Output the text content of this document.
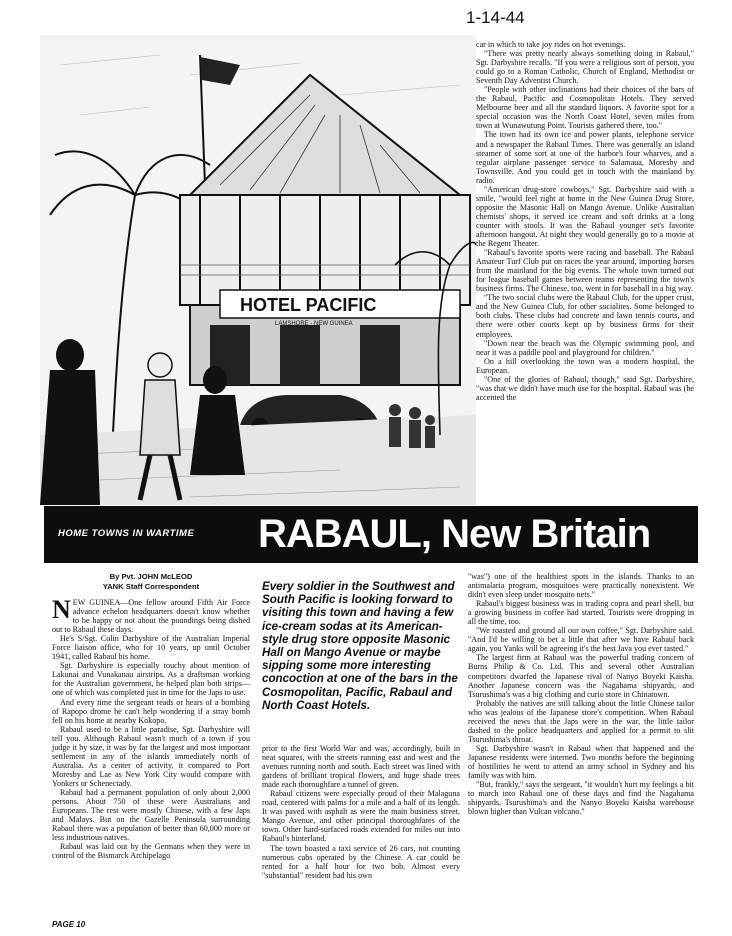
1-14-44
HOTEL PACIFIC
LAMSHORE - NEW GUINEA

car in which to take joy rides on hot evenings.

"There was pretty nearly always something doing in Rabaul," Sgt. Darbyshire recalls. "If you were a religious sort of person, you could go to a Roman Catholic, Church of England, Methodist or Seventh Day Adventist Church.

"People with other inclinations had their choices of the bars of the Rabaul, Pacific and Cosmopolitan Hotels. They served Melbourne beer and all the standard liquors. A favorite spot for a special occasion was the North Coast Hotel, seven miles from town at Wunawutung Point. Tourists gathered there, too."

The town had its own ice and power plants, telephone service and a newspaper the Rabaul Times. There was generally an island steamer of some sort at one of the harbor's four wharves, and a regular airplane passenger service to Salamaua, Moresby and Townsville. And you could get in touch with the mainland by radio.

"American drug-store cowboys," Sgt. Darbyshire said with a smile, "would feel right at home in the New Guinea Drug Store, opposite the Masonic Hall on Mango Avenue. Unlike Australian chemists' shops, it served ice cream and soft drinks at a long counter with stools. It was the Rabaul younger set's favorite afternoon hangout. At night they would generally go to a movie at the Regent Theater.

"Rabaul's favorite sports were racing and baseball. The Rabaul Amateur Turf Club put on races the year around, importing horses from the mainland for the big events. The whole town turned out for league baseball games between teams representing the town's business firms. The Chinese, too, went in for baseball in a big way.

"The two social clubs were the Rabaul Club, for the upper crust, and the New Guinea Club, for other socialites. Some belonged to both clubs. These clubs had concrete and lawn tennis courts, and there were other courts kept up by business firms for their employees.

"Down near the beach was the Olympic swimming pool, and near it was a paddle pool and playground for children."

On a hill overlooking the town was a modern hospital, the European.

"One of the glories of Rabaul, though," said Sgt. Darbyshire, "was that we didn't have much use for the hospital. Rabaul was (he accented the

HOME TOWNS IN WARTIME RABAUL, New Britain
By Pvt. JOHN McLEOD
YANK Staff Correspondent

NEW GUINEA—One fellow around Fifth Air Force advance echelon headquarters doesn't know whether to be happy or not about the poundings being dished out to Rabaul these days.

He's S/Sgt. Colin Darbyshire of the Australian Imperial Force liaison office, who for 10 years, up until October 1941, called Rabaul his home.

Sgt. Darbyshire is especially touchy about mention of Lakunai and Vunakanau airstrips. As a draftsman working for the Australian government, he helped plan both strips—one of which was completed just in time for the Japs to use.

And every time the sergeant reads or hears of a bombing of Rapopo drome he can't help wondering if a stray bomb fell on his home at nearby Kokopo.

Rabaul used to be a little paradise, Sgt. Darbyshire will tell you. Although Rabaul wasn't much of a town if you judge it by size, it was by far the largest and most important settlement in any of the islands immediately north of Australia. As a center of activity, it compared to Port Moresby and Lae as New York City would compare with Yonkers or Schenectady.

Rabaul had a permanent population of only about 2,000 persons. About 750 of these were Australians and Europeans. The rest were mostly Chinese, with a few Japs and Malays. But on the Gazelle Peninsula surrounding Rabaul there was a population of better than 60,000 more or less industrious natives.

Rabaul was laid out by the Germans when they were in control of the Bismarck Archipelago

Every soldier in the Southwest and South Pacific is looking forward to visiting this town and having a few ice-cream sodas at its American-style drug store opposite Masonic Hall on Mango Avenue or maybe sipping some more interesting concoction at one of the bars in the Cosmopolitan, Pacific, Rabaul and North Coast Hotels.

prior to the first World War and was, accordingly, built in neat squares, with the streets running east and west and the avenues running north and south. Each street was lined with gardens of brilliant tropical flowers, and huge shade trees made each thoroughfare a tunnel of green.

Rabaul citizens were especially proud of their Malaguna road, centered with palms for a mile and a half of its length. It was paved with asphalt as were the main business street, Mango Avenue, and other principal thoroughfares of the town. Other hard-surfaced roads extended for miles out into Rabaul's hinterland.

The town boasted a taxi service of 26 cars, not counting numerous cabs operated by the Chinese. A car could be rented for a half hour for two bob. Almost every "substantial" resident had his own

"was") one of the healthiest spots in the islands. Thanks to an antimalaria program, mosquitoes were practically nonexistent. We didn't even sleep under mosquito nets."

Rabaul's biggest business was in trading copra and pearl shell, but a growing business in coffee had started. Tourists were dropping in all the time, too.

"We roasted and ground all our own coffee," Sgt. Darbyshire said. "And I'd be willing to bet a little that after we have Rabaul back again, you Yanks will be agreeing it's the best Java you ever tasted."

The largest firm at Rabaul was the powerful trading concern of Burns Philip & Co. Ltd. This and several other Australian competitors dwarfed the Japanese rival of Nanyo Boyeki Kaisha. Another Japanese concern was the Nagahama shipyards, and Tsurushima's was a big clothing and curio store in Chinatown.

Probably the natives are still talking about the little Chinese tailor who was jealous of the Japanese store's competition. When Rabaul received the news that the Japs were in the war, the little tailor dashed to the police headquarters and applied for a permit to slit Tsurushima's throat.

Sgt. Darbyshire wasn't in Rabaul when that happened and the Japanese residents were interned. Two months before the beginning of hostilities he went to attend an army school in Sydney and his family was with him.

"But, frankly," says the sergeant, "it wouldn't hurt my feelings a bit to march into Rabaul one of these days and find the Nagahama shipyards, Tsurushima's and the Nanyo Boyeki Kaisha warehouse blown higher than Vulcan volcano."

PAGE 10
